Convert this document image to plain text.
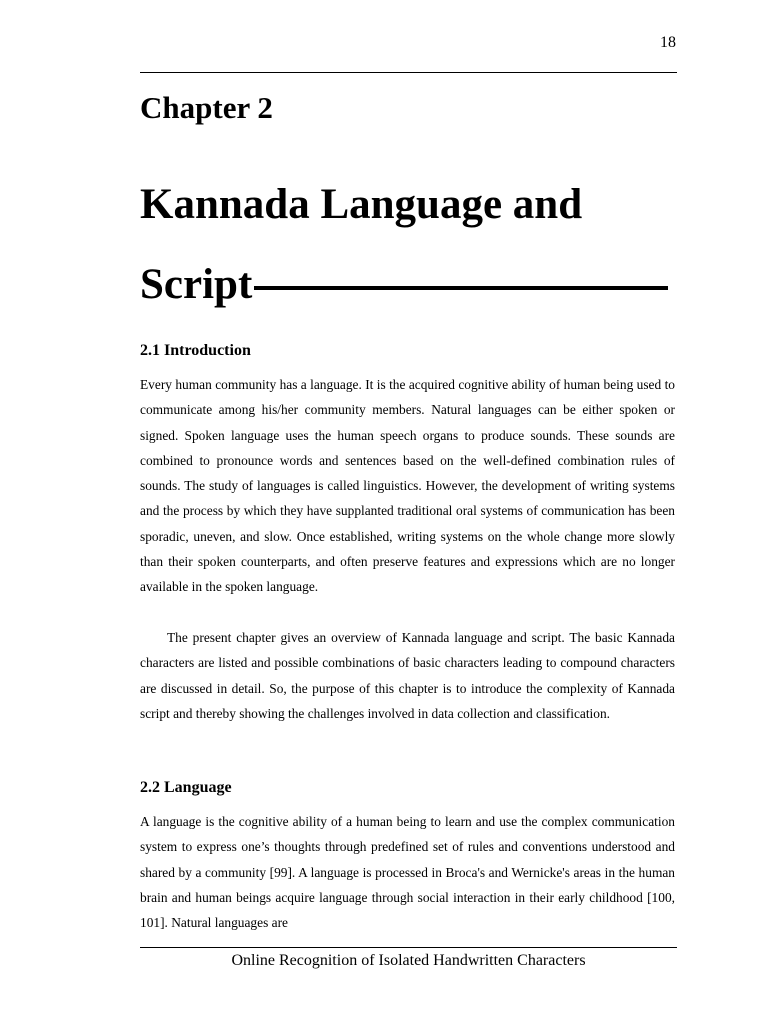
18
Chapter 2
Kannada Language and Script
2.1 Introduction

Every human community has a language. It is the acquired cognitive ability of human being used to communicate among his/her community members. Natural languages can be either spoken or signed. Spoken language uses the human speech organs to produce sounds. These sounds are combined to pronounce words and sentences based on the well-defined combination rules of sounds. The study of languages is called linguistics. However, the development of writing systems and the process by which they have supplanted traditional oral systems of communication has been sporadic, uneven, and slow. Once established, writing systems on the whole change more slowly than their spoken counterparts, and often preserve features and expressions which are no longer available in the spoken language.

The present chapter gives an overview of Kannada language and script. The basic Kannada characters are listed and possible combinations of basic characters leading to compound characters are discussed in detail. So, the purpose of this chapter is to introduce the complexity of Kannada script and thereby showing the challenges involved in data collection and classification.

2.2 Language

A language is the cognitive ability of a human being to learn and use the complex communication system to express one’s thoughts through predefined set of rules and conventions understood and shared by a community [99]. A language is processed in Broca's and Wernicke's areas in the human brain and human beings acquire language through social interaction in their early childhood [100, 101]. Natural languages are

Online Recognition of Isolated Handwritten Characters
